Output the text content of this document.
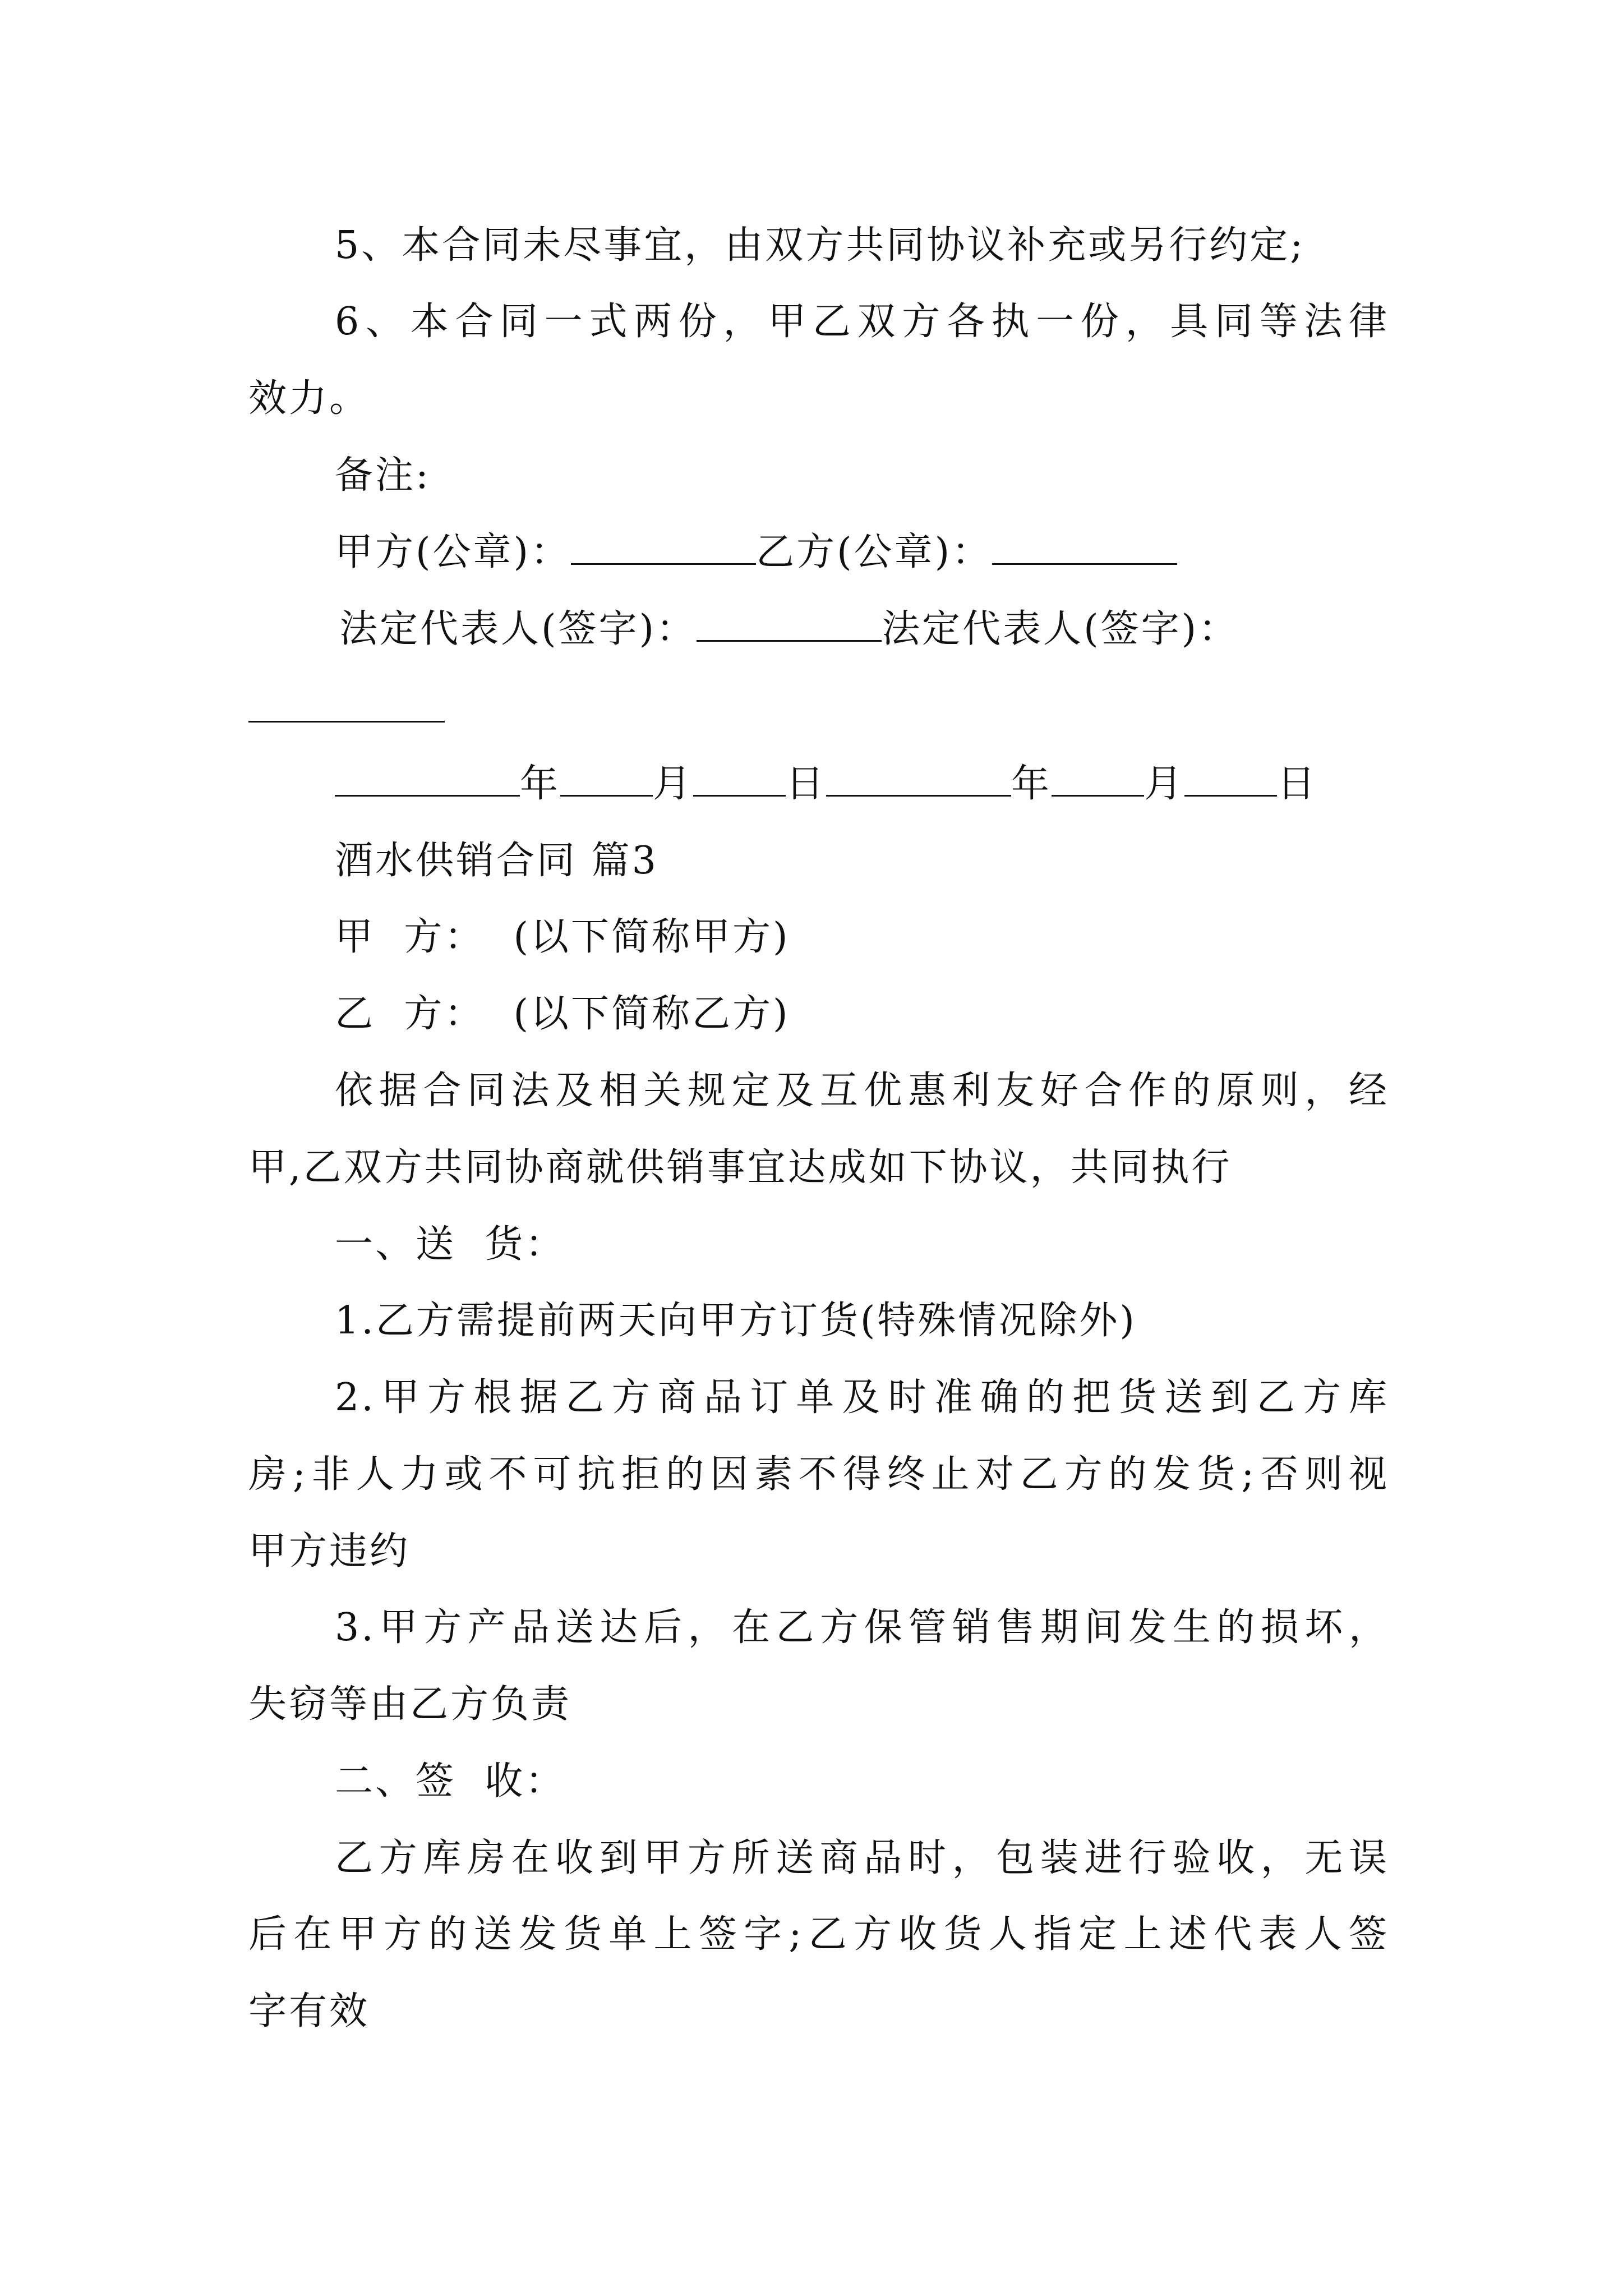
5、本合同未尽事宜，由双方共同协议补充或另行约定;
6、本合同一式两份，甲乙双方各执一份，具同等法律
效力。
备注:
甲方(公章)：	乙方(公章)：
法定代表人(签字)：	法定代表人(签字)：
年 月 日	年 月 日
酒水供销合同 篇3
甲  方：  (以下简称甲方)
乙  方：  (以下简称乙方)
依据合同法及相关规定及互优惠利友好合作的原则，经
甲,乙双方共同协商就供销事宜达成如下协议，共同执行
一、送  货：
1.乙方需提前两天向甲方订货(特殊情况除外)
2.甲方根据乙方商品订单及时准确的把货送到乙方库
房;非人力或不可抗拒的因素不得终止对乙方的发货;否则视
甲方违约
3.甲方产品送达后，在乙方保管销售期间发生的损坏，
失窃等由乙方负责
二、签  收：
乙方库房在收到甲方所送商品时，包装进行验收，无误
后在甲方的送发货单上签字;乙方收货人指定上述代表人签
字有效
